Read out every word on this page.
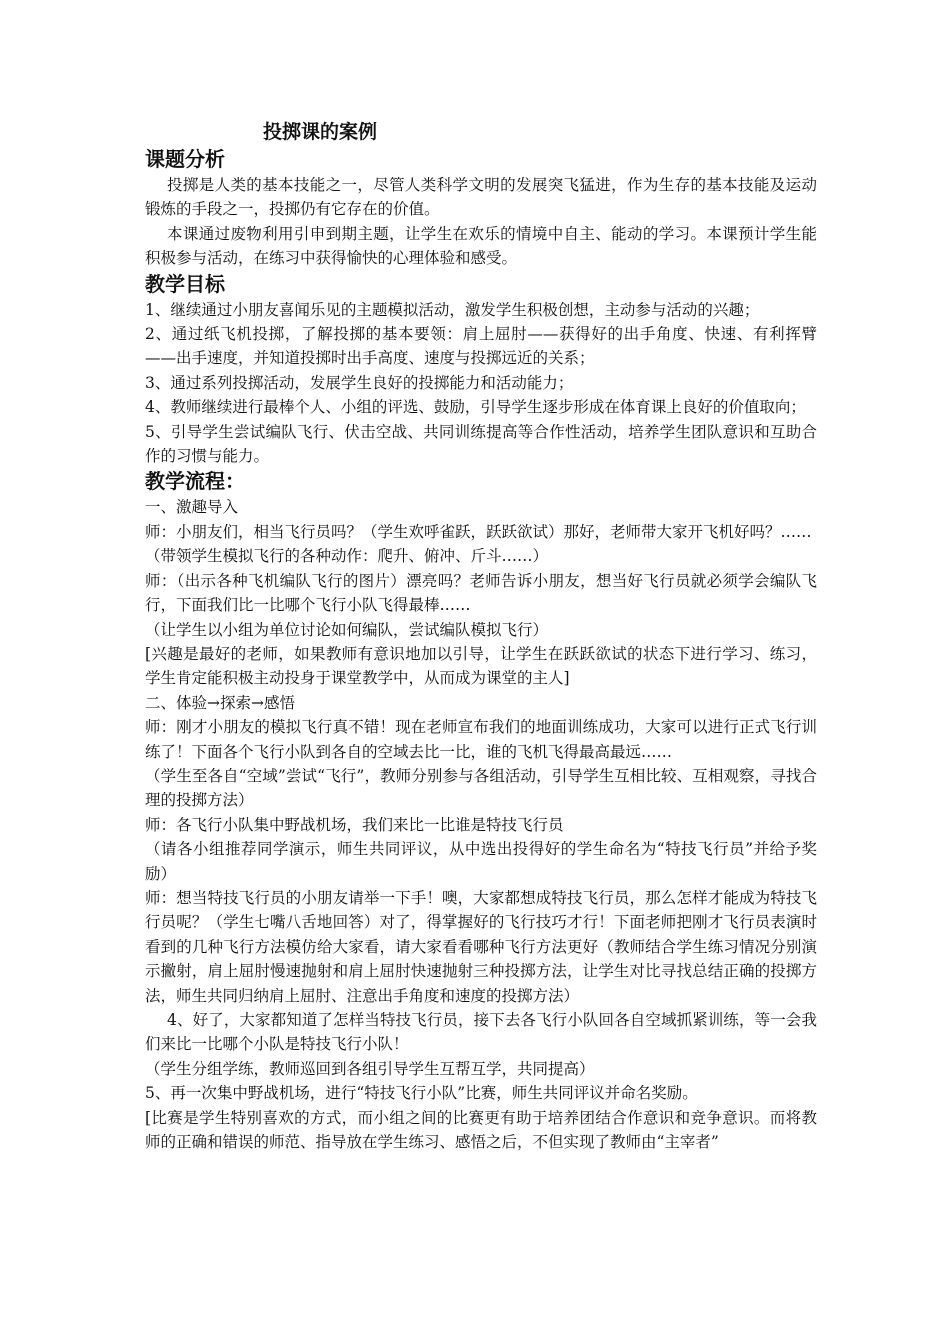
投掷课的案例
课题分析

投掷是人类的基本技能之一，尽管人类科学文明的发展突飞猛进，作为生存的基本技能及运动锻炼的手段之一，投掷仍有它存在的价值。

本课通过废物利用引申到期主题，让学生在欢乐的情境中自主、能动的学习。本课预计学生能积极参与活动，在练习中获得愉快的心理体验和感受。

教学目标

1、继续通过小朋友喜闻乐见的主题模拟活动，激发学生积极创想，主动参与活动的兴趣；

2、通过纸飞机投掷，了解投掷的基本要领：肩上屈肘——获得好的出手角度、快速、有利挥臂——出手速度，并知道投掷时出手高度、速度与投掷远近的关系；

3、通过系列投掷活动，发展学生良好的投掷能力和活动能力；

4、教师继续进行最棒个人、小组的评选、鼓励，引导学生逐步形成在体育课上良好的价值取向；

5、引导学生尝试编队飞行、伏击空战、共同训练提高等合作性活动，培养学生团队意识和互助合作的习惯与能力。

教学流程：

一、激趣导入

师：小朋友们，相当飞行员吗？（学生欢呼雀跃，跃跃欲试）那好，老师带大家开飞机好吗？……

（带领学生模拟飞行的各种动作：爬升、俯冲、斤斗……）

师：（出示各种飞机编队飞行的图片）漂亮吗？老师告诉小朋友，想当好飞行员就必须学会编队飞行，下面我们比一比哪个飞行小队飞得最棒……

（让学生以小组为单位讨论如何编队，尝试编队模拟飞行）

[兴趣是最好的老师，如果教师有意识地加以引导，让学生在跃跃欲试的状态下进行学习、练习，学生肯定能积极主动投身于课堂教学中，从而成为课堂的主人]

二、体验→探索→感悟

师：刚才小朋友的模拟飞行真不错！现在老师宣布我们的地面训练成功，大家可以进行正式飞行训练了！下面各个飞行小队到各自的空域去比一比，谁的飞机飞得最高最远……

（学生至各自“空域”尝试“飞行”，教师分别参与各组活动，引导学生互相比较、互相观察，寻找合理的投掷方法）

师：各飞行小队集中野战机场，我们来比一比谁是特技飞行员

（请各小组推荐同学演示，师生共同评议，从中选出投得好的学生命名为“特技飞行员”并给予奖励）

师：想当特技飞行员的小朋友请举一下手！噢，大家都想成特技飞行员，那么怎样才能成为特技飞行员呢？（学生七嘴八舌地回答）对了，得掌握好的飞行技巧才行！下面老师把刚才飞行员表演时看到的几种飞行方法模仿给大家看，请大家看看哪种飞行方法更好（教师结合学生练习情况分别演示撇射，肩上屈肘慢速抛射和肩上屈肘快速抛射三种投掷方法，让学生对比寻找总结正确的投掷方法，师生共同归纳肩上屈肘、注意出手角度和速度的投掷方法）

4、好了，大家都知道了怎样当特技飞行员，接下去各飞行小队回各自空域抓紧训练，等一会我们来比一比哪个小队是特技飞行小队！

（学生分组学练，教师巡回到各组引导学生互帮互学，共同提高）

5、再一次集中野战机场，进行“特技飞行小队”比赛，师生共同评议并命名奖励。

[比赛是学生特别喜欢的方式，而小组之间的比赛更有助于培养团结合作意识和竞争意识。而将教师的正确和错误的师范、指导放在学生练习、感悟之后，不但实现了教师由“主宰者”
